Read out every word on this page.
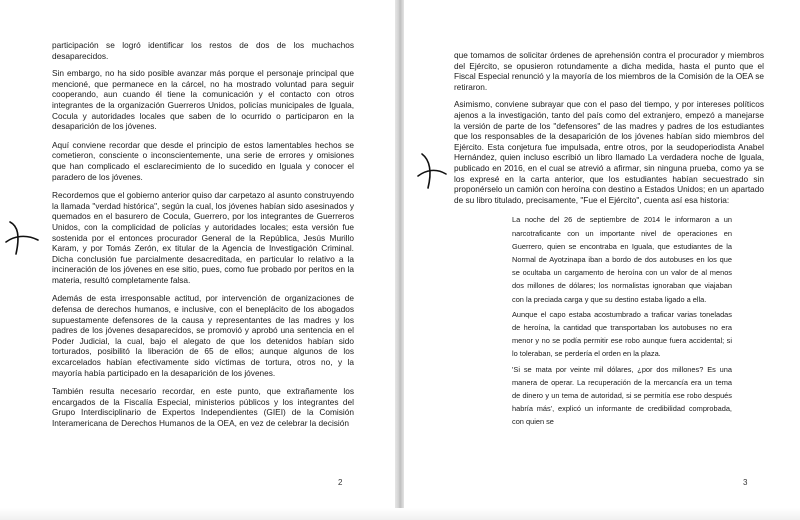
participación se logró identificar los restos de dos de los muchachos desaparecidos.

Sin embargo, no ha sido posible avanzar más porque el personaje principal que mencioné, que permanece en la cárcel, no ha mostrado voluntad para seguir cooperando, aun cuando él tiene la comunicación y el contacto con otros integrantes de la organización Guerreros Unidos, policías municipales de Iguala, Cocula y autoridades locales que saben de lo ocurrido o participaron en la desaparición de los jóvenes.

Aquí conviene recordar que desde el principio de estos lamentables hechos se cometieron, consciente o inconscientemente, una serie de errores y omisiones que han complicado el esclarecimiento de lo sucedido en Iguala y conocer el paradero de los jóvenes.

Recordemos que el gobierno anterior quiso dar carpetazo al asunto construyendo la llamada "verdad histórica", según la cual, los jóvenes habían sido asesinados y quemados en el basurero de Cocula, Guerrero, por los integrantes de Guerreros Unidos, con la complicidad de policías y autoridades locales; esta versión fue sostenida por el entonces procurador General de la República, Jesús Murillo Karam, y por Tomás Zerón, ex titular de la Agencia de Investigación Criminal. Dicha conclusión fue parcialmente desacreditada, en particular lo relativo a la incineración de los jóvenes en ese sitio, pues, como fue probado por peritos en la materia, resultó completamente falsa.

Además de esta irresponsable actitud, por intervención de organizaciones de defensa de derechos humanos, e inclusive, con el beneplácito de los abogados supuestamente defensores de la causa y representantes de las madres y los padres de los jóvenes desaparecidos, se promovió y aprobó una sentencia en el Poder Judicial, la cual, bajo el alegato de que los detenidos habían sido torturados, posibilitó la liberación de 65 de ellos; aunque algunos de los excarcelados habían efectivamente sido víctimas de tortura, otros no, y la mayoría había participado en la desaparición de los jóvenes.

También resulta necesario recordar, en este punto, que extrañamente los encargados de la Fiscalía Especial, ministerios públicos y los integrantes del Grupo Interdisciplinario de Expertos Independientes (GIEI) de la Comisión Interamericana de Derechos Humanos de la OEA, en vez de celebrar la decisión

2

que tomamos de solicitar órdenes de aprehensión contra el procurador y miembros del Ejército, se opusieron rotundamente a dicha medida, hasta el punto que el Fiscal Especial renunció y la mayoría de los miembros de la Comisión de la OEA se retiraron.

Asimismo, conviene subrayar que con el paso del tiempo, y por intereses políticos ajenos a la investigación, tanto del país como del extranjero, empezó a manejarse la versión de parte de los "defensores" de las madres y padres de los estudiantes que los responsables de la desaparición de los jóvenes habían sido miembros del Ejército. Esta conjetura fue impulsada, entre otros, por la seudoperiodista Anabel Hernández, quien incluso escribió un libro llamado La verdadera noche de Iguala, publicado en 2016, en el cual se atrevió a afirmar, sin ninguna prueba, como ya se los expresé en la carta anterior, que los estudiantes habían secuestrado sin proponérselo un camión con heroína con destino a Estados Unidos; en un apartado de su libro titulado, precisamente, "Fue el Ejército", cuenta así esa historia:

La noche del 26 de septiembre de 2014 le informaron a un narcotraficante con un importante nivel de operaciones en Guerrero, quien se encontraba en Iguala, que estudiantes de la Normal de Ayotzinapa iban a bordo de dos autobuses en los que se ocultaba un cargamento de heroína con un valor de al menos dos millones de dólares; los normalistas ignoraban que viajaban con la preciada carga y que su destino estaba ligado a ella.

Aunque el capo estaba acostumbrado a traficar varias toneladas de heroína, la cantidad que transportaban los autobuses no era menor y no se podía permitir ese robo aunque fuera accidental; si lo toleraban, se perdería el orden en la plaza.

'Si se mata por veinte mil dólares, ¿por dos millones? Es una manera de operar. La recuperación de la mercancía era un tema de dinero y un tema de autoridad, si se permitía ese robo después habría más', explicó un informante de credibilidad comprobada, con quien se

3
